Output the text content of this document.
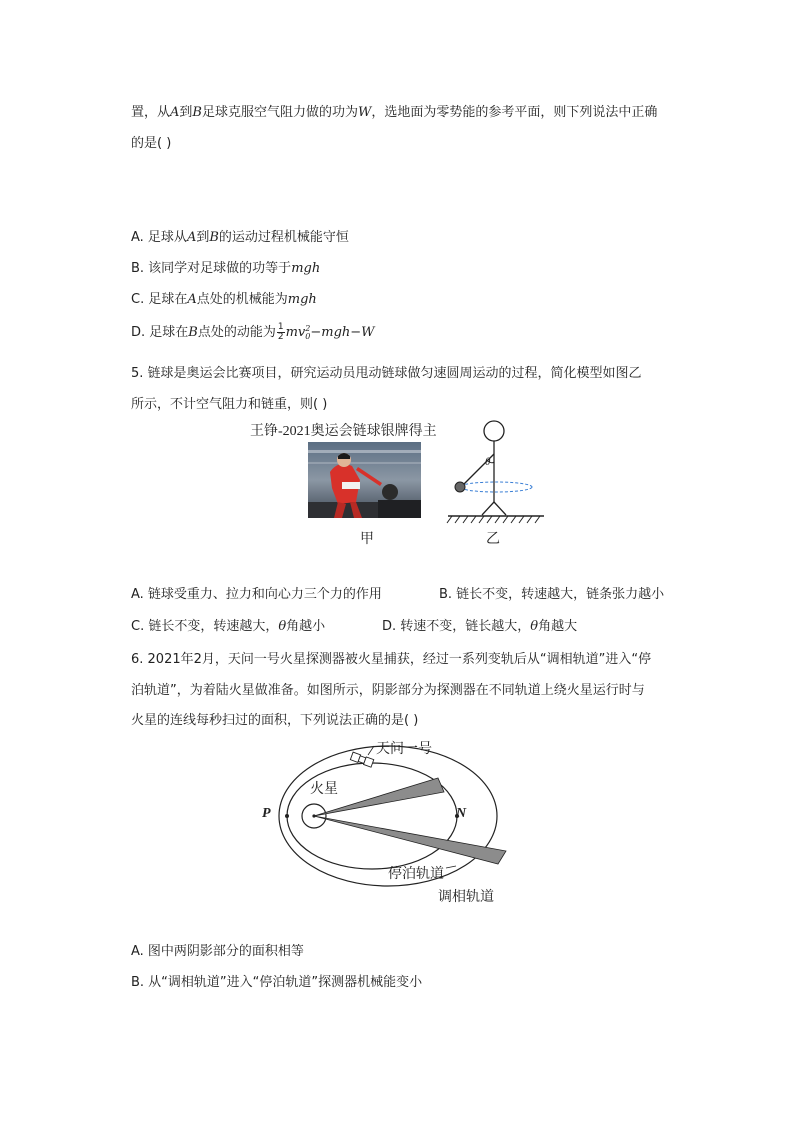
置，从A到B足球克服空气阻力做的功为W，选地面为零势能的参考平面，则下列说法中正确
的是( )
A. 足球从A到B的运动过程机械能守恒
B. 该同学对足球做的功等于mgh
C. 足球在A点处的机械能为mgh
D. 足球在B点处的动能为 $\frac{1}{2}$ mv 2
0 −mgh−W
5. 链球是奥运会比赛项目，研究运动员甩动链球做匀速圆周运动的过程，简化模型如图乙
所示，不计空气阻力和链重，则( )
王铮-2021奥运会链球银牌得主
甲
θ
乙
A. 链球受重力、拉力和向心力三个力的作用	B. 链长不变，转速越大，链条张力越小
C. 链长不变，转速越大，θ角越小	D. 转速不变，链长越大，θ角越大
6. 2021年2月，天问一号火星探测器被火星捕获，经过一系列变轨后从“调相轨道”进入“停
泊轨道”，为着陆火星做准备。如图所示，阴影部分为探测器在不同轨道上绕火星运行时与
火星的连线每秒扫过的面积，下列说法正确的是( )
天问一号
火星
P	N
停泊轨道
调相轨道
A. 图中两阴影部分的面积相等
B. 从“调相轨道”进入“停泊轨道”探测器机械能变小
